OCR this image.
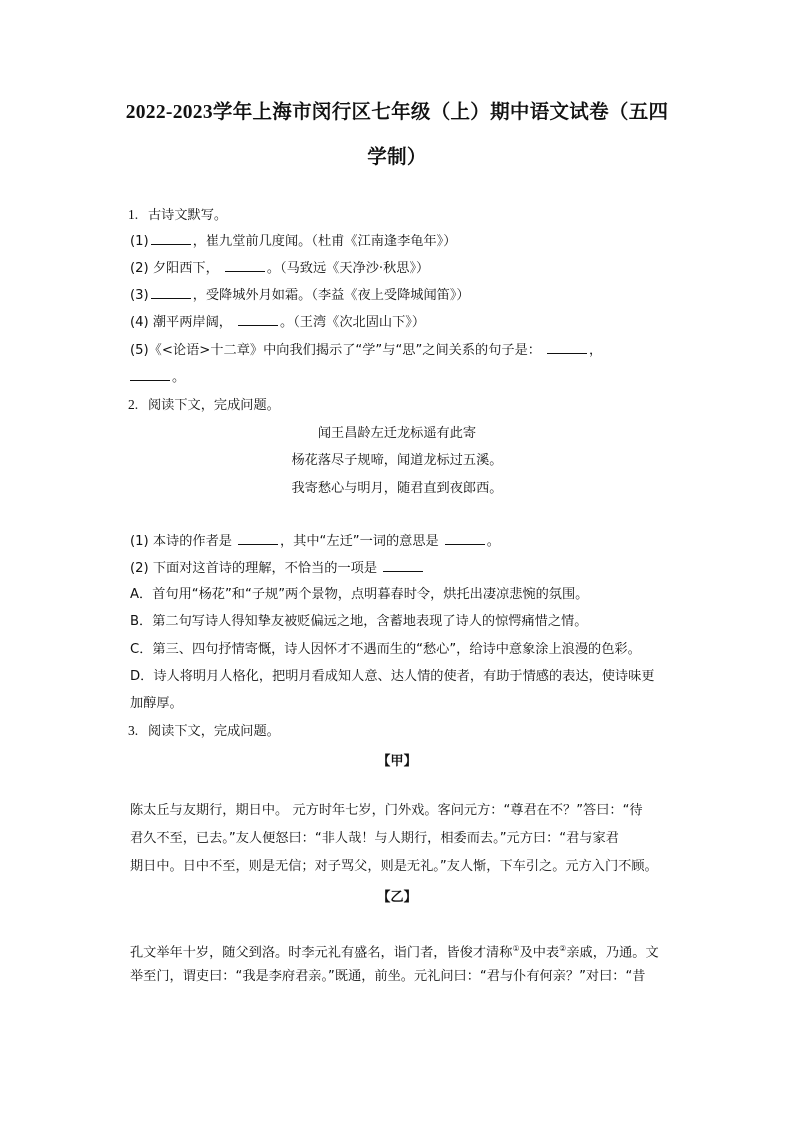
2022-2023学年上海市闵行区七年级（上）期中语文试卷（五四
学制）
1. 古诗文默写。
(1)	，崔九堂前几度闻。（杜甫《江南逢李龟年》）
(2) 夕阳西下，	。（马致远《天净沙·秋思》）
(3)	，受降城外月如霜。（李益《夜上受降城闻笛》）
(4) 潮平两岸阔，	。（王湾《次北固山下》）
(5)《<论语>十二章》中向我们揭示了“学”与“思”之间关系的句子是：	，
。
2. 阅读下文，完成问题。
闻王昌龄左迁龙标遥有此寄
杨花落尽子规啼，闻道龙标过五溪。
我寄愁心与明月，随君直到夜郎西。
(1) 本诗的作者是	，其中“左迁”一词的意思是	。
(2) 下面对这首诗的理解，不恰当的一项是
A．首句用“杨花”和“子规”两个景物，点明暮春时令，烘托出凄凉悲惋的氛围。
B．第二句写诗人得知挚友被贬偏远之地，含蓄地表现了诗人的惊愕痛惜之情。
C．第三、四句抒情寄慨，诗人因怀才不遇而生的“愁心”，给诗中意象涂上浪漫的色彩。
D．诗人将明月人格化，把明月看成知人意、达人情的使者，有助于情感的表达，使诗味更
加醇厚。
3. 阅读下文，完成问题。
【甲】
陈太丘与友期行，期日中。 元方时年七岁，门外戏。客问元方：“尊君在不？”答曰：“待
君久不至，已去。”友人便怒曰：“非人哉！与人期行，相委而去。”元方曰：“君与家君
期日中。日中不至，则是无信；对子骂父，则是无礼。”友人惭，下车引之。元方入门不顾。
【乙】
孔文举年十岁，随父到洛。时李元礼有盛名，诣门者，皆俊才清称①及中表②亲戚，乃通。文
举至门，谓吏曰：“我是李府君亲。”既通，前坐。元礼问曰：“君与仆有何亲？”对曰：“昔
